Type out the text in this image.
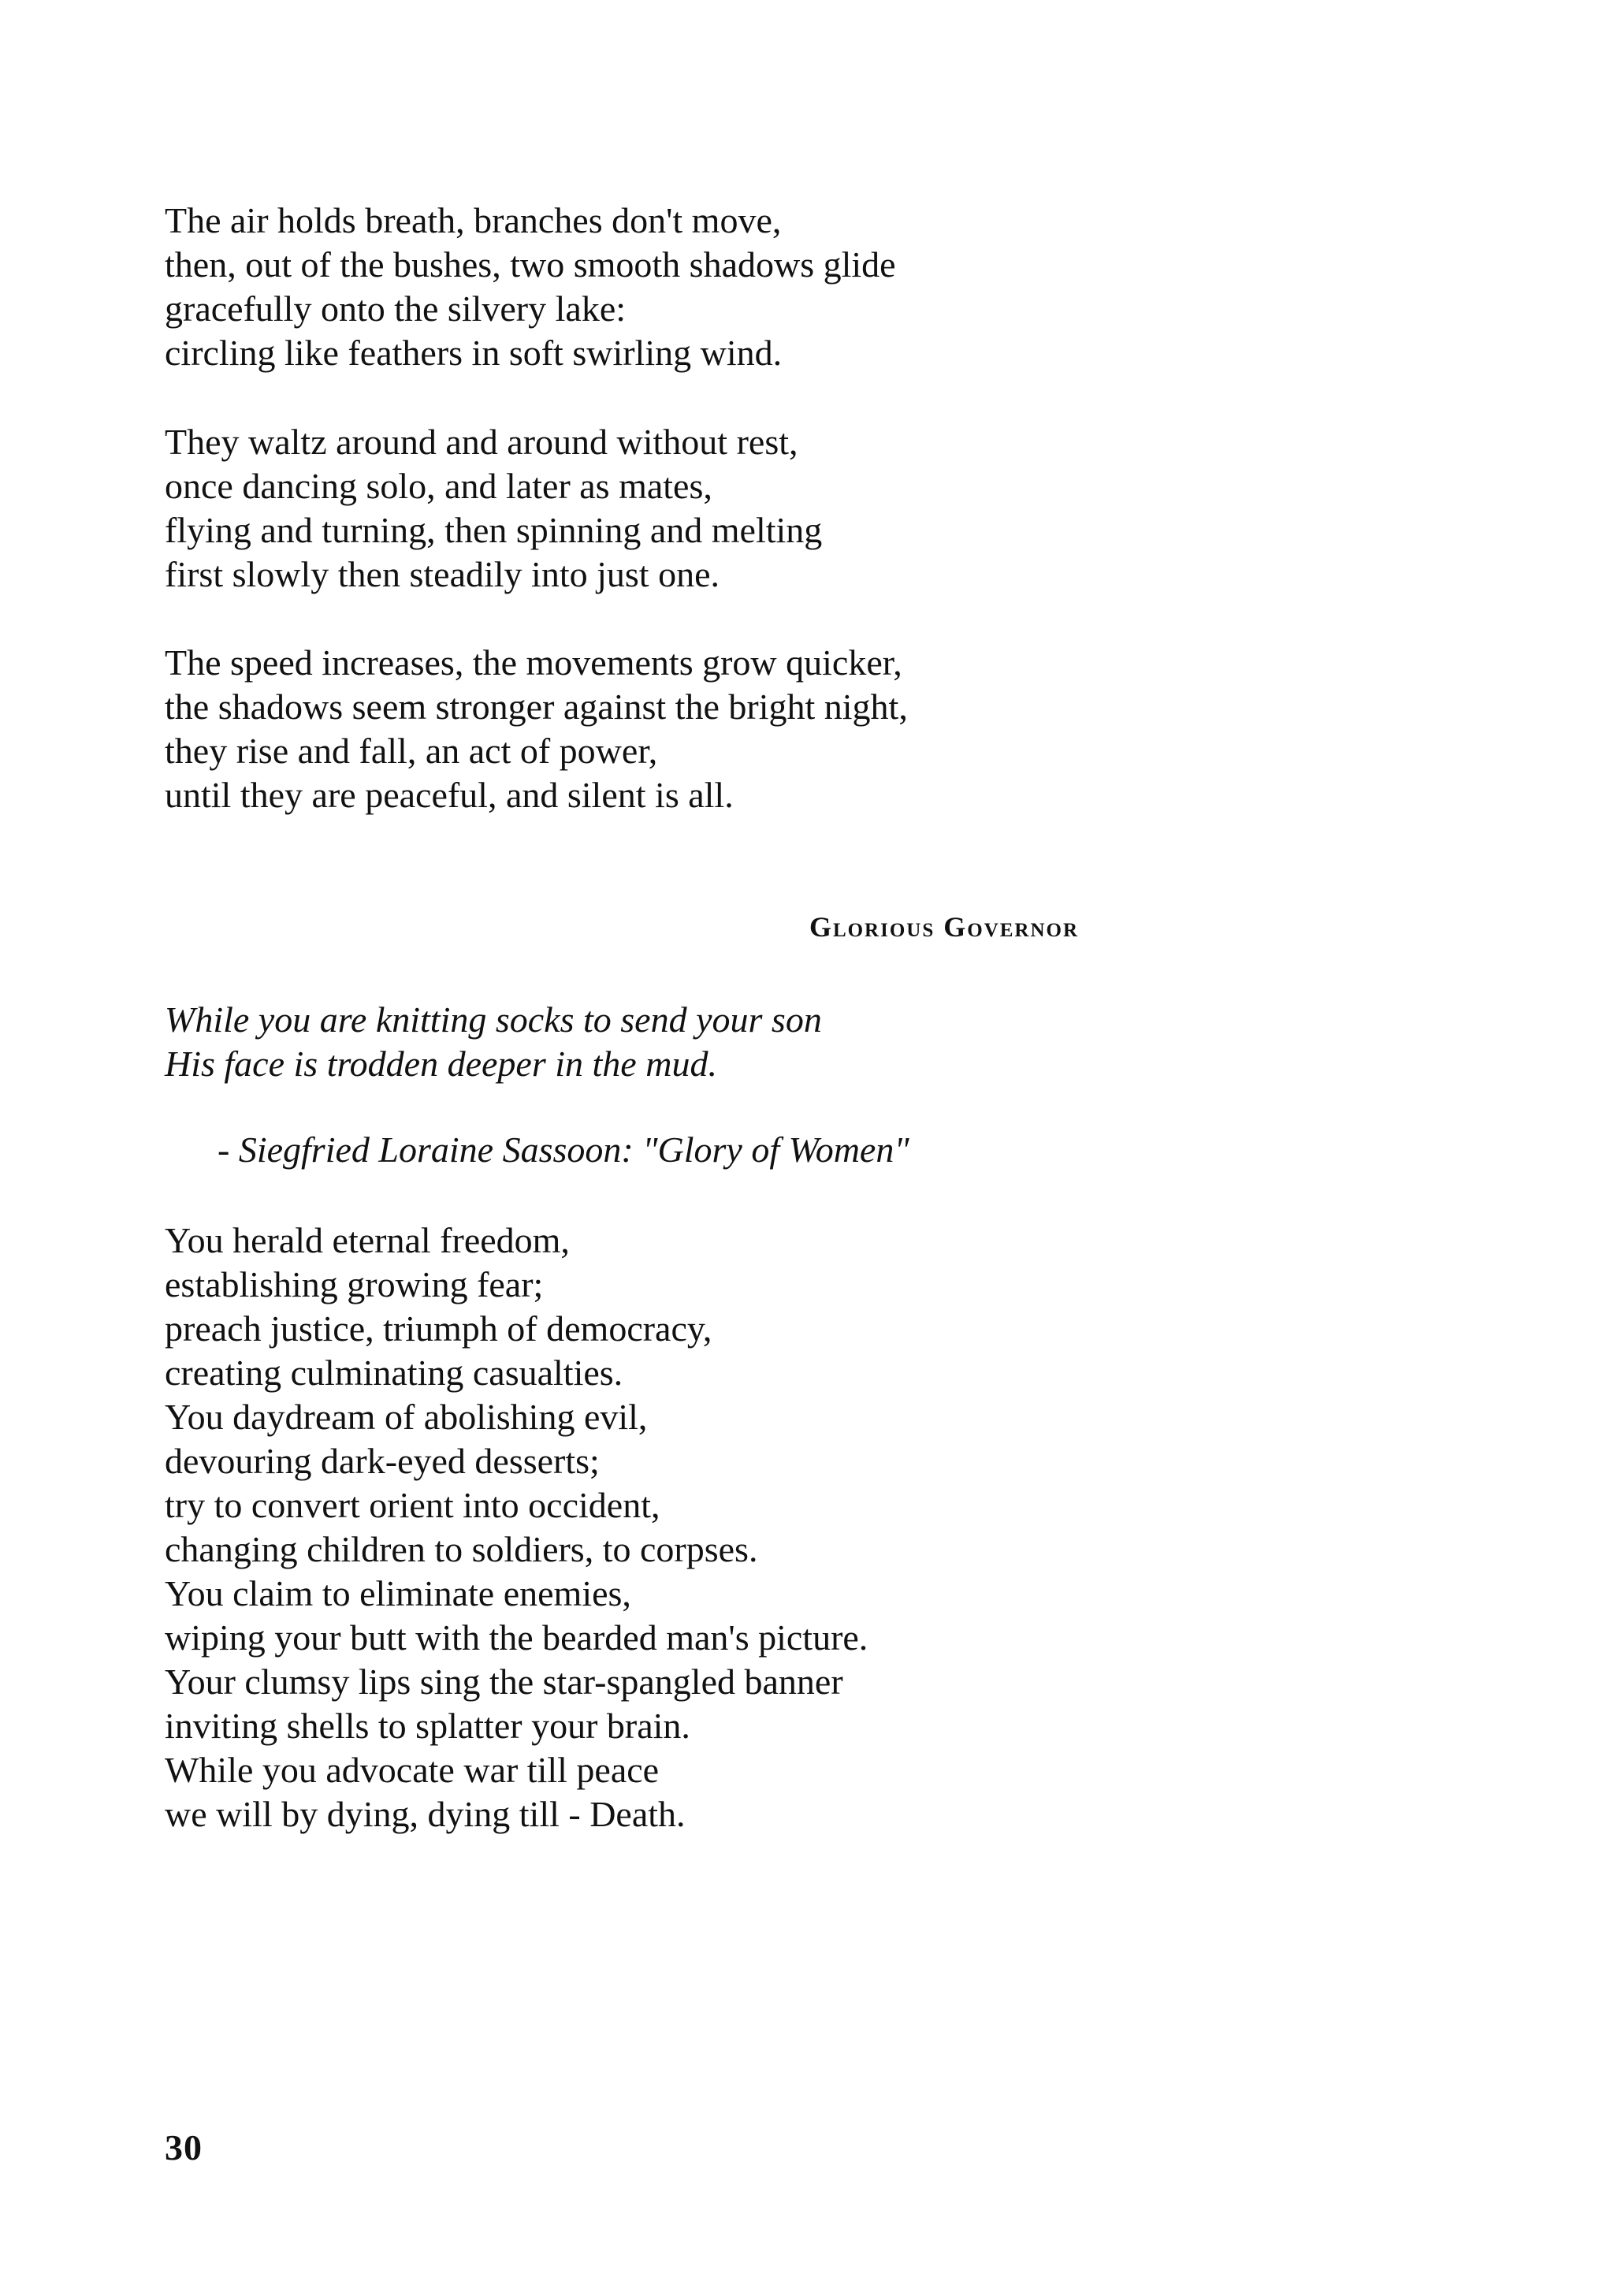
The air holds breath, branches don't move,
then, out of the bushes, two smooth shadows glide
gracefully onto the silvery lake:
circling like feathers in soft swirling wind.
They waltz around and around without rest,
once dancing solo, and later as mates,
flying and turning, then spinning and melting
first slowly then steadily into just one.
The speed increases, the movements grow quicker,
the shadows seem stronger against the bright night,
they rise and fall, an act of power,
until they are peaceful, and silent is all.
Glorious Governor
While you are knitting socks to send your son
His face is trodden deeper in the mud.
- Siegfried Loraine Sassoon: "Glory of Women"
You herald eternal freedom,
establishing growing fear;
preach justice, triumph of democracy,
creating culminating casualties.
You daydream of abolishing evil,
devouring dark-eyed desserts;
try to convert orient into occident,
changing children to soldiers, to corpses.
You claim to eliminate enemies,
wiping your butt with the bearded man's picture.
Your clumsy lips sing the star-spangled banner
inviting shells to splatter your brain.
While you advocate war till peace
we will by dying, dying till - Death.
30
